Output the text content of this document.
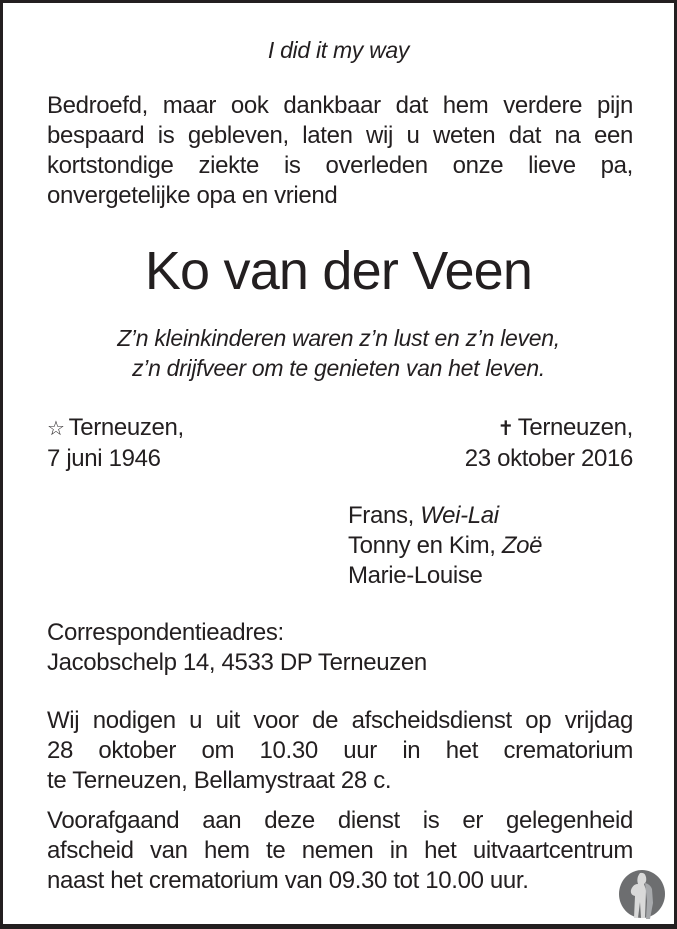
I did it my way
Bedroefd, maar ook dankbaar dat hem verdere pijn
bespaard is gebleven, laten wij u weten dat na een
kortstondige ziekte is overleden onze lieve pa,
onvergetelijke opa en vriend
Ko van der Veen
Z’n kleinkinderen waren z’n lust en z’n leven,
z’n drijfveer om te genieten van het leven.
☆ Terneuzen,
7 juni 1946
✝ Terneuzen,
23 oktober 2016
Frans, Wei-Lai
Tonny en Kim, Zoë
Marie-Louise
Correspondentieadres:
Jacobschelp 14, 4533 DP Terneuzen
Wij nodigen u uit voor de afscheidsdienst op vrijdag
28 oktober om 10.30 uur in het crematorium
te Terneuzen, Bellamystraat 28 c.
Voorafgaand aan deze dienst is er gelegenheid
afscheid van hem te nemen in het uitvaartcentrum
naast het crematorium van 09.30 tot 10.00 uur.
